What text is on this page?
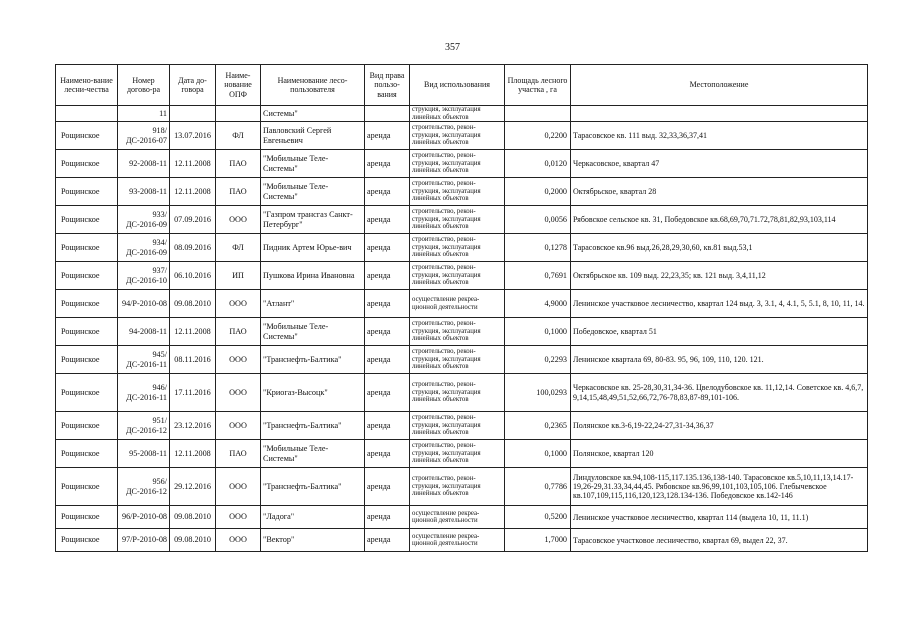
357
Наимено-вание лесни-чества	Номер догово-ра	Дата до-говора	Наиме-нование ОПФ	Наименование лесо-пользователя	Вид права пользо-вания	Вид использования	Площадь лесного участка , га	Местоположение
	11			Системы"		струкция, эксплуатация линейных объектов		
Рощинское	918/ДС-2016-07	13.07.2016	ФЛ	Павловский Сергей Евгеньевич	аренда	строительство, рекон-струкция, эксплуатация линейных объектов	0,2200	Тарасовское кв. 111 выд. 32,33,36,37,41
Рощинское	92-2008-11	12.11.2008	ПАО	"Мобильные Теле-Системы"	аренда	строительство, рекон-струкция, эксплуатация линейных объектов	0,0120	Черкасовское, квартал 47
Рощинское	93-2008-11	12.11.2008	ПАО	"Мобильные Теле-Системы"	аренда	строительство, рекон-струкция, эксплуатация линейных объектов	0,2000	Октябрьское, квартал 28
Рощинское	933/ДС-2016-09	07.09.2016	ООО	"Газпром трансгаз Санкт-Петербург"	аренда	строительство, рекон-струкция, эксплуатация линейных объектов	0,0056	Рябовское сельское кв. 31, Победовское кв.68,69,70,71.72,78,81,82,93,103,114
Рощинское	934/ДС-2016-09	08.09.2016	ФЛ	Пидник Артем Юрье-вич	аренда	строительство, рекон-струкция, эксплуатация линейных объектов	0,1278	Тарасовское кв.96 выд.26,28,29,30,60, кв.81 выд.53,1
Рощинское	937/ДС-2016-10	06.10.2016	ИП	Пушкова Ирина Ивановна	аренда	строительство, рекон-струкция, эксплуатация линейных объектов	0,7691	Октябрьское кв. 109 выд. 22,23,35; кв. 121 выд. 3,4,11,12
Рощинское	94/Р-2010-08	09.08.2010	ООО	"Атлант"	аренда	осуществление рекреа-ционной деятельности	4,9000	Ленинское участковое лесничество, квартал 124 выд. 3, 3.1, 4, 4.1, 5, 5.1, 8, 10, 11, 14.
Рощинское	94-2008-11	12.11.2008	ПАО	"Мобильные Теле-Системы"	аренда	строительство, рекон-струкция, эксплуатация линейных объектов	0,1000	Победовское, квартал 51
Рощинское	945/ДС-2016-11	08.11.2016	ООО	"Транснефть-Балтика"	аренда	строительство, рекон-струкция, эксплуатация линейных объектов	0,2293	Ленинское квартала 69, 80-83. 95, 96, 109, 110, 120. 121.
Рощинское	946/ДС-2016-11	17.11.2016	ООО	"Криогаз-Высоцк"	аренда	строительство, рекон-струкция, эксплуатация линейных объектов	100,0293	Черкасовское кв. 25-28,30,31,34-36. Цвелодубовское кв. 11,12,14. Советское кв. 4,6,7, 9,14,15,48,49,51,52,66,72,76-78,83,87-89,101-106.
Рощинское	951/ДС-2016-12	23.12.2016	ООО	"Транснефть-Балтика"	аренда	строительство, рекон-струкция, эксплуатация линейных объектов	0,2365	Полянское кв.3-6,19-22,24-27,31-34,36,37
Рощинское	95-2008-11	12.11.2008	ПАО	"Мобильные Теле-Системы"	аренда	строительство, рекон-струкция, эксплуатация линейных объектов	0,1000	Полянское, квартал 120
Рощинское	956/ДС-2016-12	29.12.2016	ООО	"Транснефть-Балтика"	аренда	строительство, рекон-струкция, эксплуатация линейных объектов	0,7786	Линдуловское кв.94,108-115,117.135.136,138-140. Тарасовское кв.5,10,11,13,14.17-19,26-29,31.33,34,44,45. Рябовское кв.96,99,101,103,105,106. Глебычевское кв.107,109,115,116,120,123,128.134-136. Победовское кв.142-146
Рощинское	96/Р-2010-08	09.08.2010	ООО	"Ладога"	аренда	осуществление рекреа-ционной деятельности	0,5200	Ленинское участковое лесничество, квартал 114 (выдела 10, 11, 11.1)
Рощинское	97/Р-2010-08	09.08.2010	ООО	"Вектор"	аренда	осуществление рекреа-ционной деятельности	1,7000	Тарасовское участковое лесничество, квартал 69, выдел 22, 37.
